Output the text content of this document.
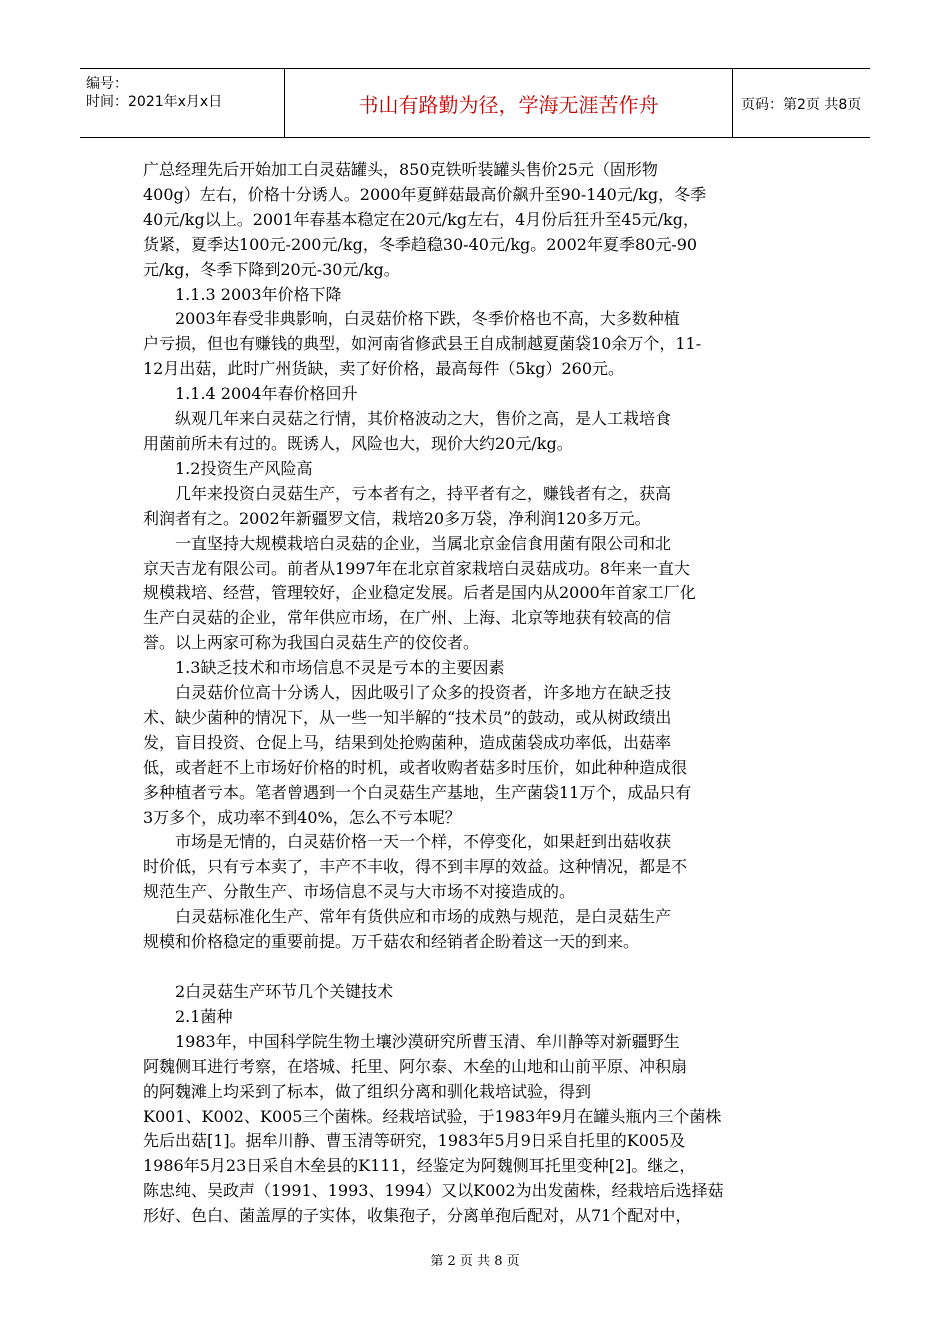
编号：
时间：2021年x月x日	书山有路勤为径，学海无涯苦作舟	页码：第2页 共8页

广总经理先后开始加工白灵菇罐头，850克铁听装罐头售价25元（固形物

400g）左右，价格十分诱人。2000年夏鲜菇最高价飙升至90-140元/kg，冬季

40元/kg以上。2001年春基本稳定在20元/kg左右，4月份后狂升至45元/kg，

货紧，夏季达100元-200元/kg，冬季趋稳30-40元/kg。2002年夏季80元-90

元/kg，冬季下降到20元-30元/kg。

　　1.1.3 2003年价格下降

　　2003年春受非典影响，白灵菇价格下跌，冬季价格也不高，大多数种植

户亏损，但也有赚钱的典型，如河南省修武县王自成制越夏菌袋10余万个，11-

12月出菇，此时广州货缺，卖了好价格，最高每件（5kg）260元。

　　1.1.4 2004年春价格回升

　　纵观几年来白灵菇之行情，其价格波动之大，售价之高，是人工栽培食

用菌前所未有过的。既诱人，风险也大，现价大约20元/kg。

　　1.2投资生产风险高

　　几年来投资白灵菇生产，亏本者有之，持平者有之，赚钱者有之，获高

利润者有之。2002年新疆罗文信，栽培20多万袋，净利润120多万元。

　　一直坚持大规模栽培白灵菇的企业，当属北京金信食用菌有限公司和北

京天吉龙有限公司。前者从1997年在北京首家栽培白灵菇成功。8年来一直大

规模栽培、经营，管理较好，企业稳定发展。后者是国内从2000年首家工厂化

生产白灵菇的企业，常年供应市场，在广州、上海、北京等地获有较高的信

誉。以上两家可称为我国白灵菇生产的佼佼者。

　　1.3缺乏技术和市场信息不灵是亏本的主要因素

　　白灵菇价位高十分诱人，因此吸引了众多的投资者，许多地方在缺乏技

术、缺少菌种的情况下，从一些一知半解的“技术员”的鼓动，或从树政绩出

发，盲目投资、仓促上马，结果到处抢购菌种，造成菌袋成功率低，出菇率

低，或者赶不上市场好价格的时机，或者收购者菇多时压价，如此种种造成很

多种植者亏本。笔者曾遇到一个白灵菇生产基地，生产菌袋11万个，成品只有

3万多个，成功率不到40%，怎么不亏本呢？

　　市场是无情的，白灵菇价格一天一个样，不停变化，如果赶到出菇收获

时价低，只有亏本卖了，丰产不丰收，得不到丰厚的效益。这种情况，都是不

规范生产、分散生产、市场信息不灵与大市场不对接造成的。

　　白灵菇标准化生产、常年有货供应和市场的成熟与规范，是白灵菇生产

规模和价格稳定的重要前提。万千菇农和经销者企盼着这一天的到来。

　　2白灵菇生产环节几个关键技术

　　2.1菌种

　　1983年，中国科学院生物土壤沙漠研究所曹玉清、牟川静等对新疆野生

阿魏侧耳进行考察，在塔城、托里、阿尔泰、木垒的山地和山前平原、冲积扇

的阿魏滩上均采到了标本，做了组织分离和驯化栽培试验，得到

K001、K002、K005三个菌株。经栽培试验，于1983年9月在罐头瓶内三个菌株

先后出菇[1]。据牟川静、曹玉清等研究，1983年5月9日采自托里的K005及

1986年5月23日采自木垒县的K111，经鉴定为阿魏侧耳托里变种[2]。继之，

陈忠纯、吴政声（1991、1993、1994）又以K002为出发菌株，经栽培后选择菇

形好、色白、菌盖厚的子实体，收集孢子，分离单孢后配对，从71个配对中，

第 2 页 共 8 页
